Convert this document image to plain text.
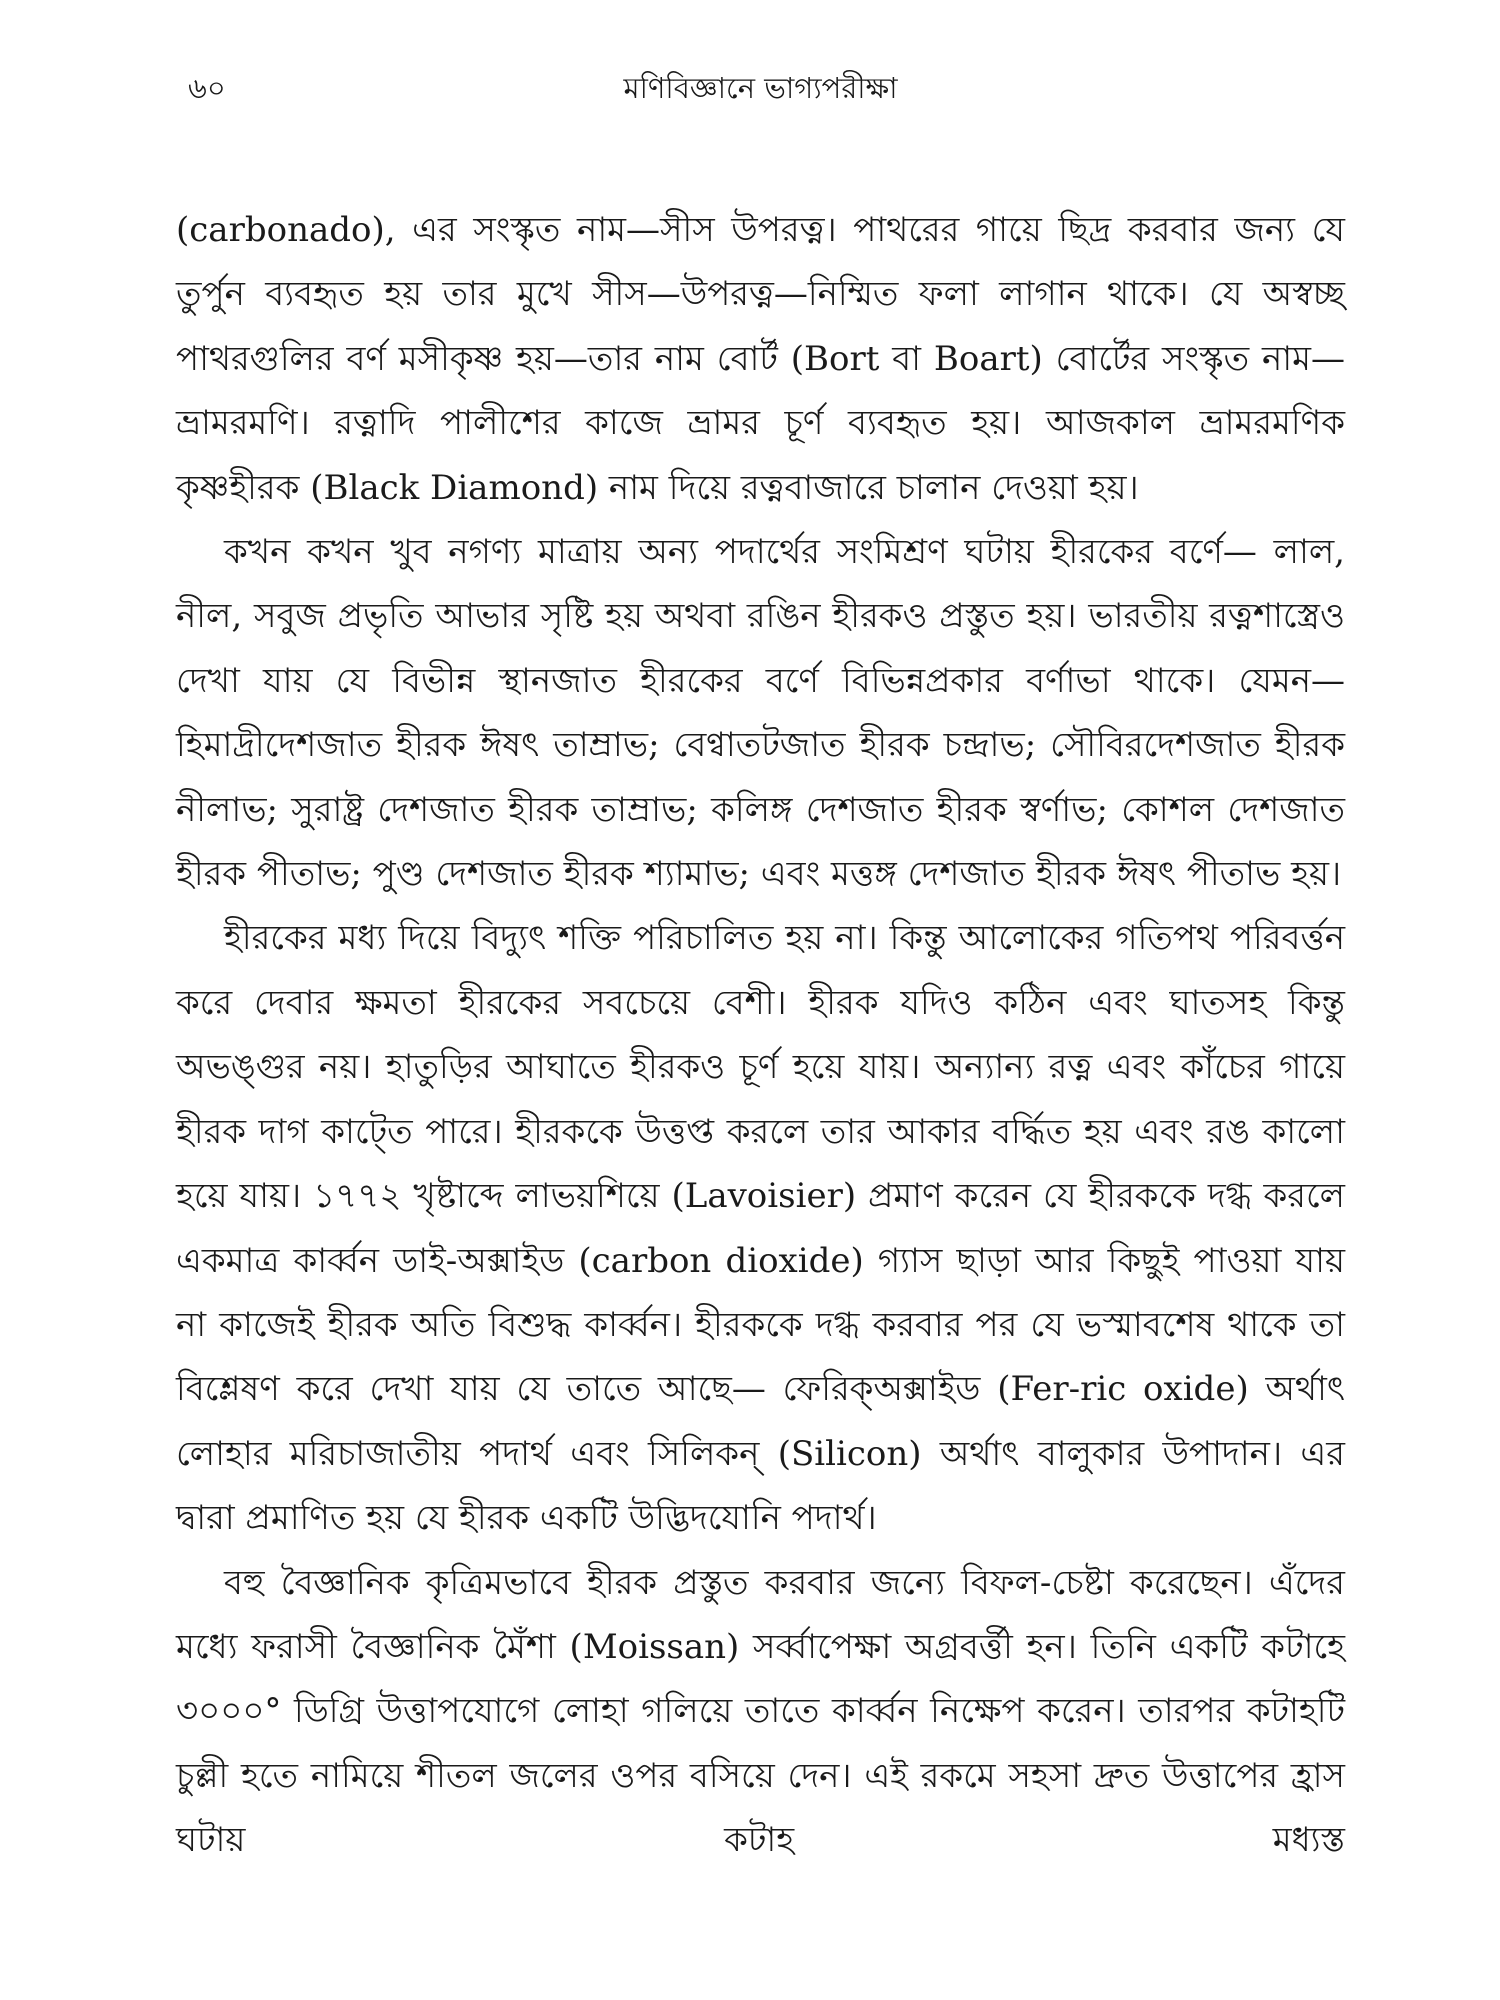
৬০	মণিবিজ্ঞানে ভাগ্যপরীক্ষা

(carbonado), এর সংস্কৃত নাম—সীস উপরত্ন। পাথরের গায়ে ছিদ্র করবার জন্য যে তুর্পুন ব্যবহৃত হয় তার মুখে সীস—উপরত্ন—নিম্মিত ফলা লাগান থাকে। যে অস্বচ্ছ পাথরগুলির বর্ণ মসীকৃষ্ণ হয়—তার নাম বোর্ট (Bort বা Boart) বোর্টের সংস্কৃত নাম—ভ্রামরমণি। রত্নাদি পালীশের কাজে ভ্রামর চূর্ণ ব্যবহৃত হয়। আজকাল ভ্রামরমণিক কৃষ্ণহীরক (Black Diamond) নাম দিয়ে রত্নবাজারে চালান দেওয়া হয়।

কখন কখন খুব নগণ্য মাত্রায় অন্য পদার্থের সংমিশ্রণ ঘটায় হীরকের বর্ণে— লাল, নীল, সবুজ প্রভৃতি আভার সৃষ্টি হয় অথবা রঙিন হীরকও প্রস্তুত হয়। ভারতীয় রত্নশাস্ত্রেও দেখা যায় যে বিভীন্ন স্থানজাত হীরকের বর্ণে বিভিন্নপ্রকার বর্ণাভা থাকে। যেমন—হিমাদ্রীদেশজাত হীরক ঈষৎ তাম্রাভ; বেণ্বাতটজাত হীরক চন্দ্রাভ; সৌবিরদেশজাত হীরক নীলাভ; সুরাষ্ট্র দেশজাত হীরক তাম্রাভ; কলিঙ্গ দেশজাত হীরক স্বর্ণাভ; কোশল দেশজাত হীরক পীতাভ; পুণ্ড দেশজাত হীরক শ্যামাভ; এবং মত্তঙ্গ দেশজাত হীরক ঈষৎ পীতাভ হয়।

হীরকের মধ্য দিয়ে বিদ্যুৎ শক্তি পরিচালিত হয় না। কিন্তু আলোকের গতিপথ পরিবর্ত্তন করে দেবার ক্ষমতা হীরকের সবচেয়ে বেশী। হীরক যদিও কঠিন এবং ঘাতসহ কিন্তু অভঙ্গুর নয়। হাতুড়ির আঘাতে হীরকও চূর্ণ হয়ে যায়। অন্যান্য রত্ন এবং কাঁচের গায়ে হীরক দাগ কাট্তে পারে। হীরককে উত্তপ্ত করলে তার আকার বর্দ্ধিত হয় এবং রঙ কালো হয়ে যায়। ১৭৭২ খৃষ্টাব্দে লাভয়শিয়ে (Lavoisier) প্রমাণ করেন যে হীরককে দগ্ধ করলে একমাত্র কার্ব্বন ডাই-অক্সাইড (carbon dioxide) গ্যাস ছাড়া আর কিছুই পাওয়া যায় না কাজেই হীরক অতি বিশুদ্ধ কার্ব্বন। হীরককে দগ্ধ করবার পর যে ভস্মাবশেষ থাকে তা বিশ্লেষণ করে দেখা যায় যে তাতে আছে— ফেরিক্অক্সাইড (Fer-ric oxide) অর্থাৎ লোহার মরিচাজাতীয় পদার্থ এবং সিলিকন্ (Silicon) অর্থাৎ বালুকার উপাদান। এর দ্বারা প্রমাণিত হয় যে হীরক একটি উদ্ভিদযোনি পদার্থ।

বহু বৈজ্ঞানিক কৃত্রিমভাবে হীরক প্রস্তুত করবার জন্যে বিফল-চেষ্টা করেছেন। এঁদের মধ্যে ফরাসী বৈজ্ঞানিক মৈঁশা (Moissan) সর্ব্বাপেক্ষা অগ্রবর্ত্তী হন। তিনি একটি কটাহে ৩০০০° ডিগ্রি উত্তাপযোগে লোহা গলিয়ে তাতে কার্ব্বন নিক্ষেপ করেন। তারপর কটাহটি চুল্লী হতে নামিয়ে শীতল জলের ওপর বসিয়ে দেন। এই রকমে সহসা দ্রুত উত্তাপের হ্রাস ঘটায় কটাহ মধ্যস্ত
